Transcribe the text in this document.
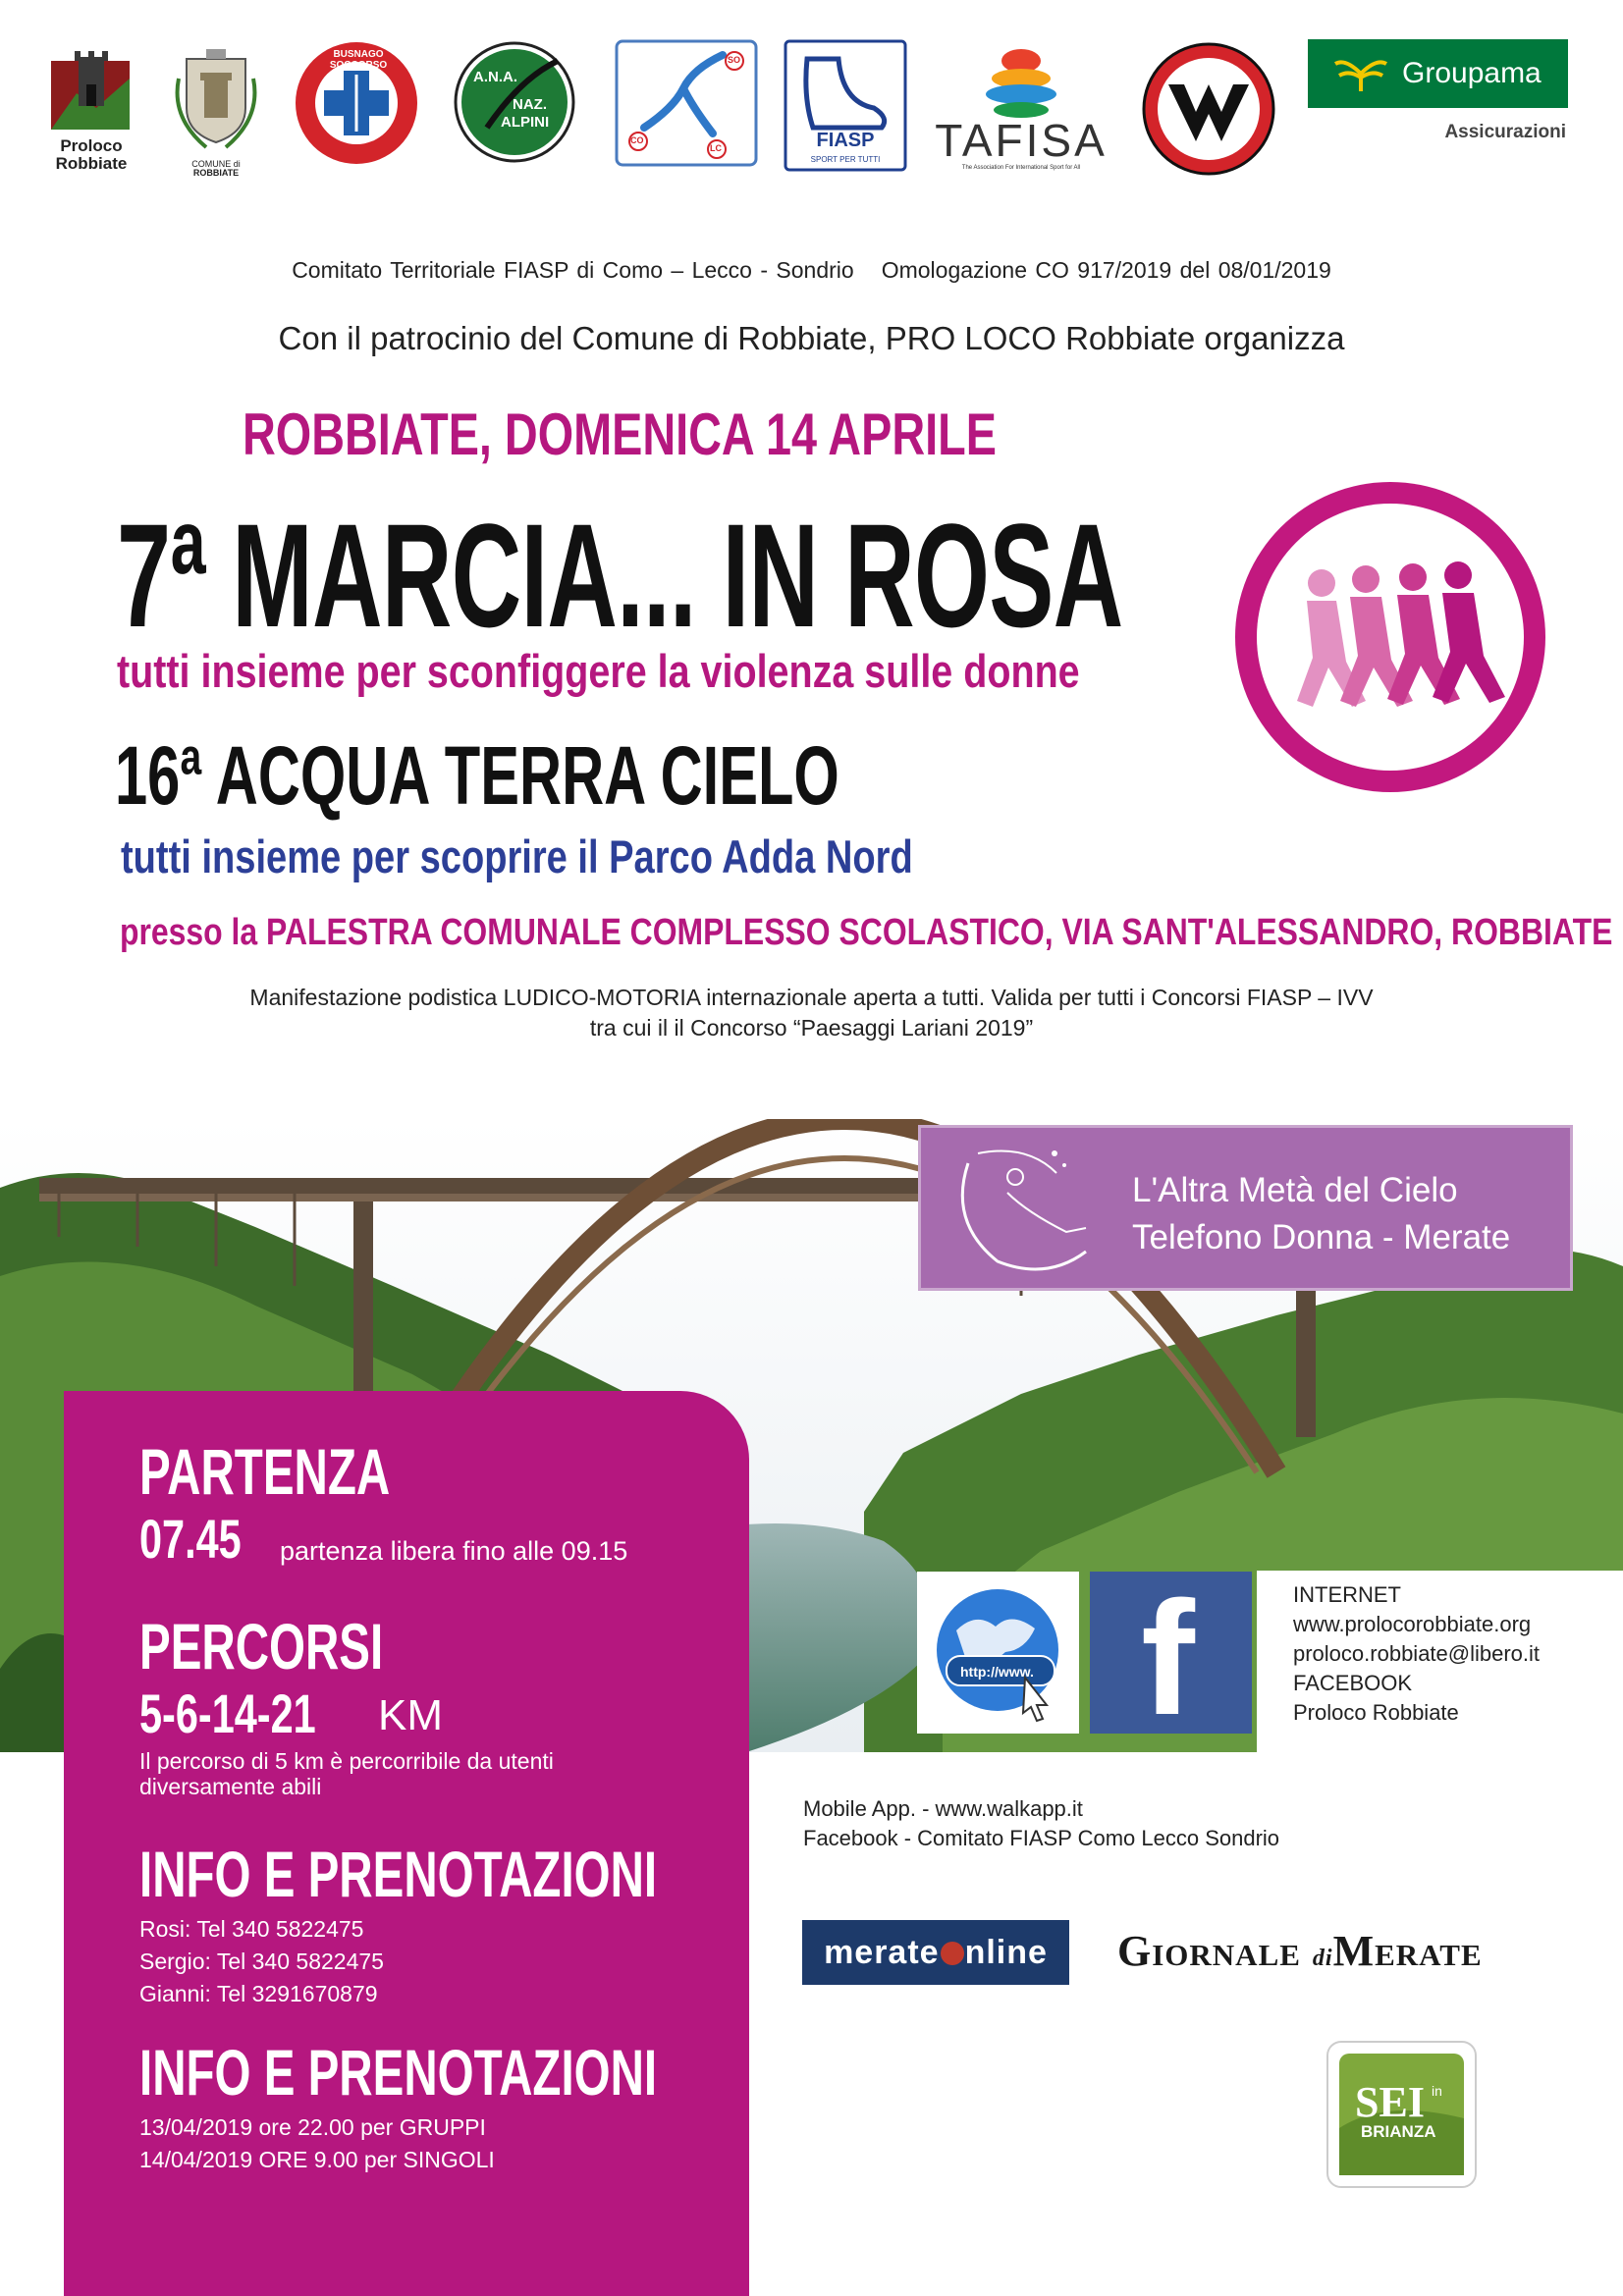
Proloco
Robbiate	COMUNE di
ROBBIATE
BUSNAGO SOCCORSO
A.N.A.
NAZ.
ALPINI
SO
CO
LC	FIASP
SPORT PER TUTTI	TAFISA
The Association For International Sport for All
Groupama
Assicurazioni
Comitato Territoriale FIASP di Como – Lecco - Sondrio Omologazione CO 917/2019 del 08/01/2019
Con il patrocinio del Comune di Robbiate, PRO LOCO Robbiate organizza
ROBBIATE, DOMENICA 14 APRILE
7ª MARCIA... IN ROSA
tutti insieme per sconfiggere la violenza sulle donne
16ª ACQUA TERRA CIELO
tutti insieme per scoprire il Parco Adda Nord
presso la PALESTRA COMUNALE COMPLESSO SCOLASTICO, VIA SANT'ALESSANDRO, ROBBIATE
Manifestazione podistica LUDICO-MOTORIA internazionale aperta a tutti. Valida per tutti i Concorsi FIASP – IVV
tra cui il il Concorso “Paesaggi Lariani 2019”
L'Altra Metà del Cielo
Telefono Donna - Merate
PARTENZA
07.45 partenza libera fino alle 09.15
PERCORSI
5-6-14-21 KM
Il percorso di 5 km è percorribile da utenti
diversamente abili
INFO E PRENOTAZIONI
Rosi: Tel 340 5822475
Sergio: Tel 340 5822475
Gianni: Tel 3291670879
INFO E PRENOTAZIONI
13/04/2019 ore 22.00 per GRUPPI
14/04/2019 ORE 9.00 per SINGOLI
http://www. f	INTERNET
www.prolocorobbiate.org
proloco.robbiate@libero.it
FACEBOOK
Proloco Robbiate
Mobile App. - www.walkapp.it
Facebook - Comitato FIASP Como Lecco Sondrio
merate nline	Giornale diMerate
SEI in
BRIANZA
